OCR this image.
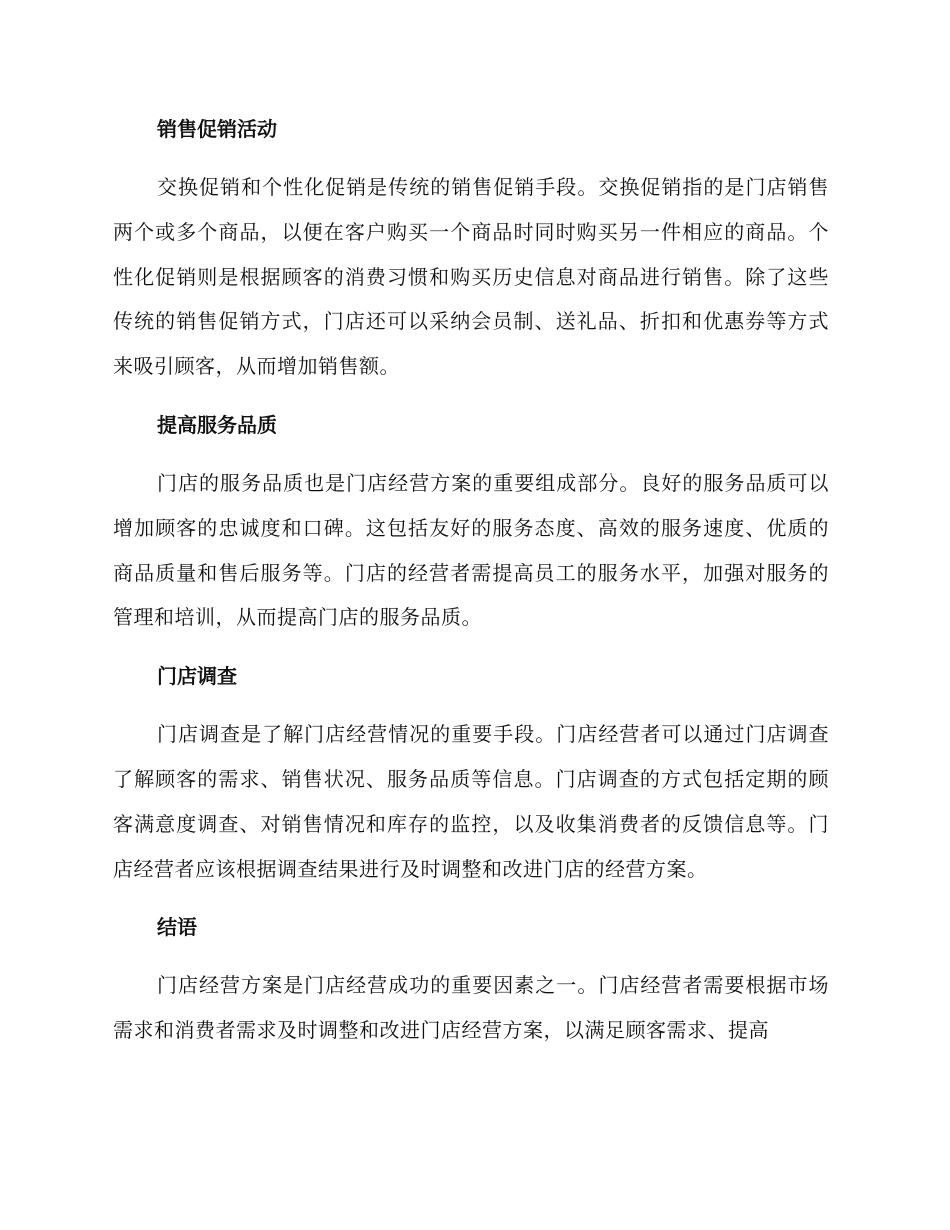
销售促销活动

交换促销和个性化促销是传统的销售促销手段。交换促销指的是门店销售两个或多个商品，以便在客户购买一个商品时同时购买另一件相应的商品。个性化促销则是根据顾客的消费习惯和购买历史信息对商品进行销售。除了这些传统的销售促销方式，门店还可以采纳会员制、送礼品、折扣和优惠券等方式来吸引顾客，从而增加销售额。

提高服务品质

门店的服务品质也是门店经营方案的重要组成部分。良好的服务品质可以增加顾客的忠诚度和口碑。这包括友好的服务态度、高效的服务速度、优质的商品质量和售后服务等。门店的经营者需提高员工的服务水平，加强对服务的管理和培训，从而提高门店的服务品质。

门店调查

门店调查是了解门店经营情况的重要手段。门店经营者可以通过门店调查了解顾客的需求、销售状况、服务品质等信息。门店调查的方式包括定期的顾客满意度调查、对销售情况和库存的监控，以及收集消费者的反馈信息等。门店经营者应该根据调查结果进行及时调整和改进门店的经营方案。

结语

门店经营方案是门店经营成功的重要因素之一。门店经营者需要根据市场需求和消费者需求及时调整和改进门店经营方案，以满足顾客需求、提高
